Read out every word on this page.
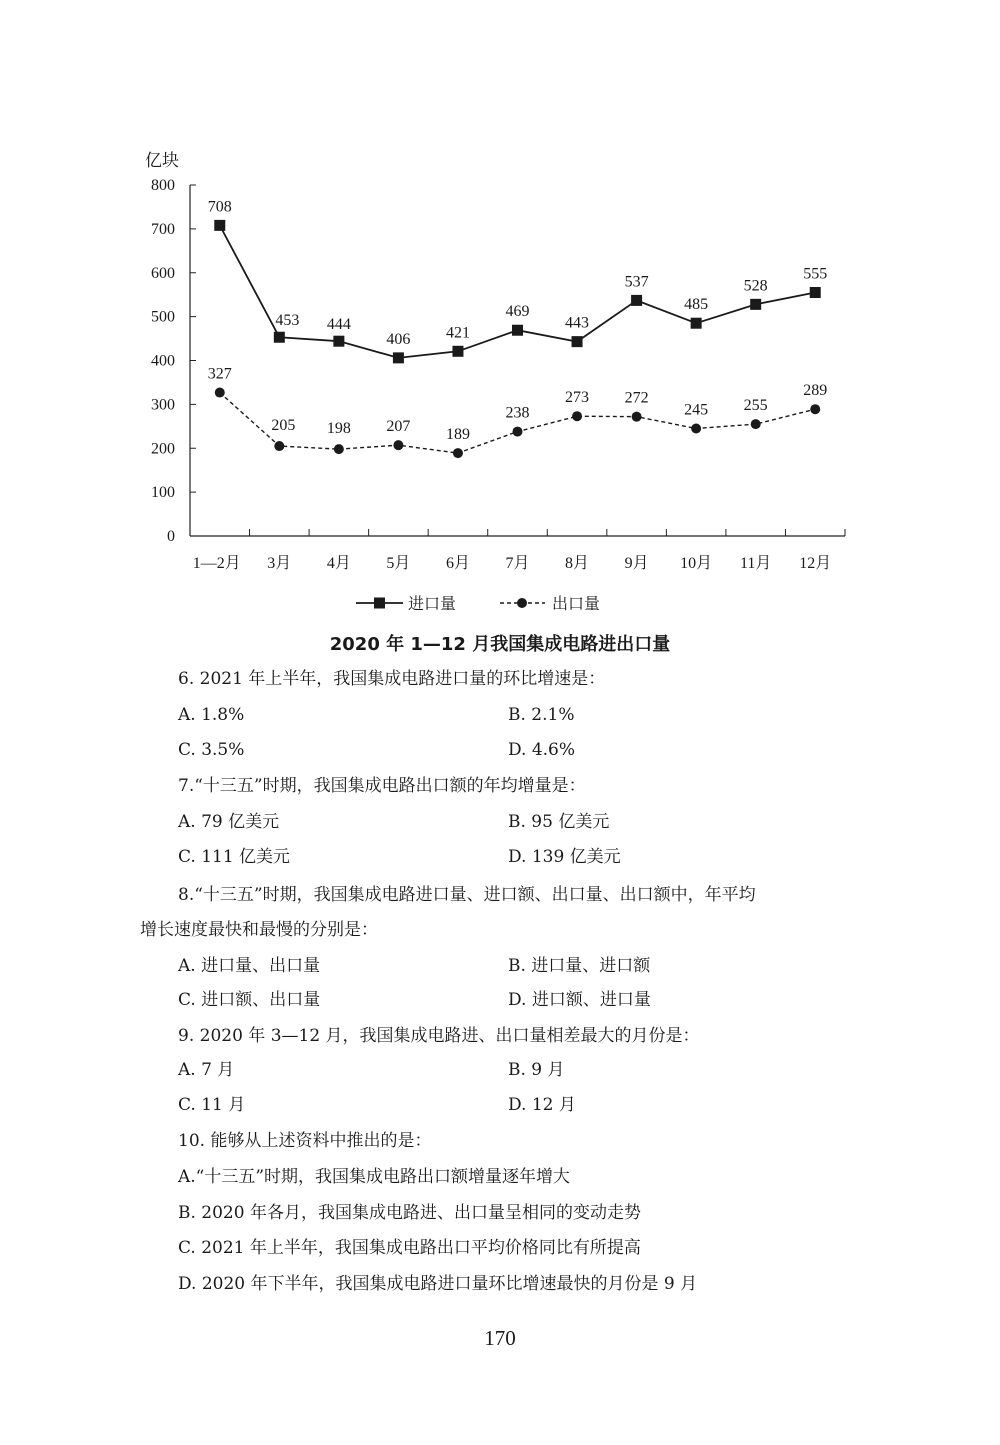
0
100
200
300
400
500
600
700
800
亿块
1—2月 3月 4月 5月 6月 7月 8月 9月 10月 11月 12月
708
453 444
406 421
469
443
537
485
528
555
327
205 198 207 189
238
273 272
245 255
289
进口量	出口量
2020 年 1—12 月我国集成电路进出口量
6. 2021 年上半年，我国集成电路进口量的环比增速是：
A. 1.8%	B. 2.1%
C. 3.5%	D. 4.6%
7.“十三五”时期，我国集成电路出口额的年均增量是：
A. 79 亿美元	B. 95 亿美元
C. 111 亿美元	D. 139 亿美元
8.“十三五”时期，我国集成电路进口量、进口额、出口量、出口额中，年平均
增长速度最快和最慢的分别是：
A. 进口量、出口量	B. 进口量、进口额
C. 进口额、出口量	D. 进口额、进口量
9. 2020 年 3—12 月，我国集成电路进、出口量相差最大的月份是：
A. 7 月	B. 9 月
C. 11 月	D. 12 月
10. 能够从上述资料中推出的是：
A.“十三五”时期，我国集成电路出口额增量逐年增大
B. 2020 年各月，我国集成电路进、出口量呈相同的变动走势
C. 2021 年上半年，我国集成电路出口平均价格同比有所提高
D. 2020 年下半年，我国集成电路进口量环比增速最快的月份是 9 月
170
